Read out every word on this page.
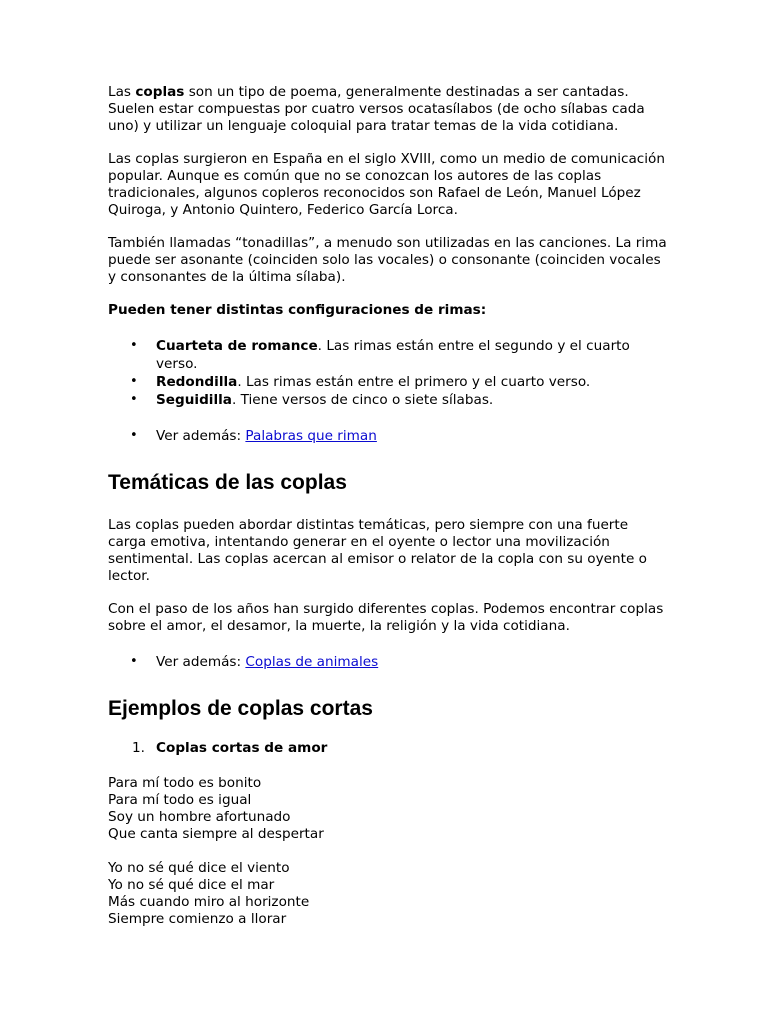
Las coplas son un tipo de poema, generalmente destinadas a ser cantadas. Suelen estar compuestas por cuatro versos ocatasílabos (de ocho sílabas cada uno) y utilizar un lenguaje coloquial para tratar temas de la vida cotidiana.

Las coplas surgieron en España en el siglo XVIII, como un medio de comunicación popular. Aunque es común que no se conozcan los autores de las coplas tradicionales, algunos copleros reconocidos son Rafael de León, Manuel López Quiroga, y Antonio Quintero, Federico García Lorca.

También llamadas “tonadillas”, a menudo son utilizadas en las canciones. La rima puede ser asonante (coinciden solo las vocales) o consonante (coinciden vocales y consonantes de la última sílaba).

Pueden tener distintas configuraciones de rimas:

• Cuarteta de romance. Las rimas están entre el segundo y el cuarto verso.
• Redondilla. Las rimas están entre el primero y el cuarto verso.
• Seguidilla. Tiene versos de cinco o siete sílabas.
• Ver además: Palabras que riman
Temáticas de las coplas

Las coplas pueden abordar distintas temáticas, pero siempre con una fuerte carga emotiva, intentando generar en el oyente o lector una movilización sentimental. Las coplas acercan al emisor o relator de la copla con su oyente o lector.

Con el paso de los años han surgido diferentes coplas. Podemos encontrar coplas sobre el amor, el desamor, la muerte, la religión y la vida cotidiana.

• Ver además: Coplas de animales
Ejemplos de coplas cortas
1. Coplas cortas de amor

Para mí todo es bonito

Para mí todo es igual

Soy un hombre afortunado

Que canta siempre al despertar

Yo no sé qué dice el viento

Yo no sé qué dice el mar

Más cuando miro al horizonte

Siempre comienzo a llorar
